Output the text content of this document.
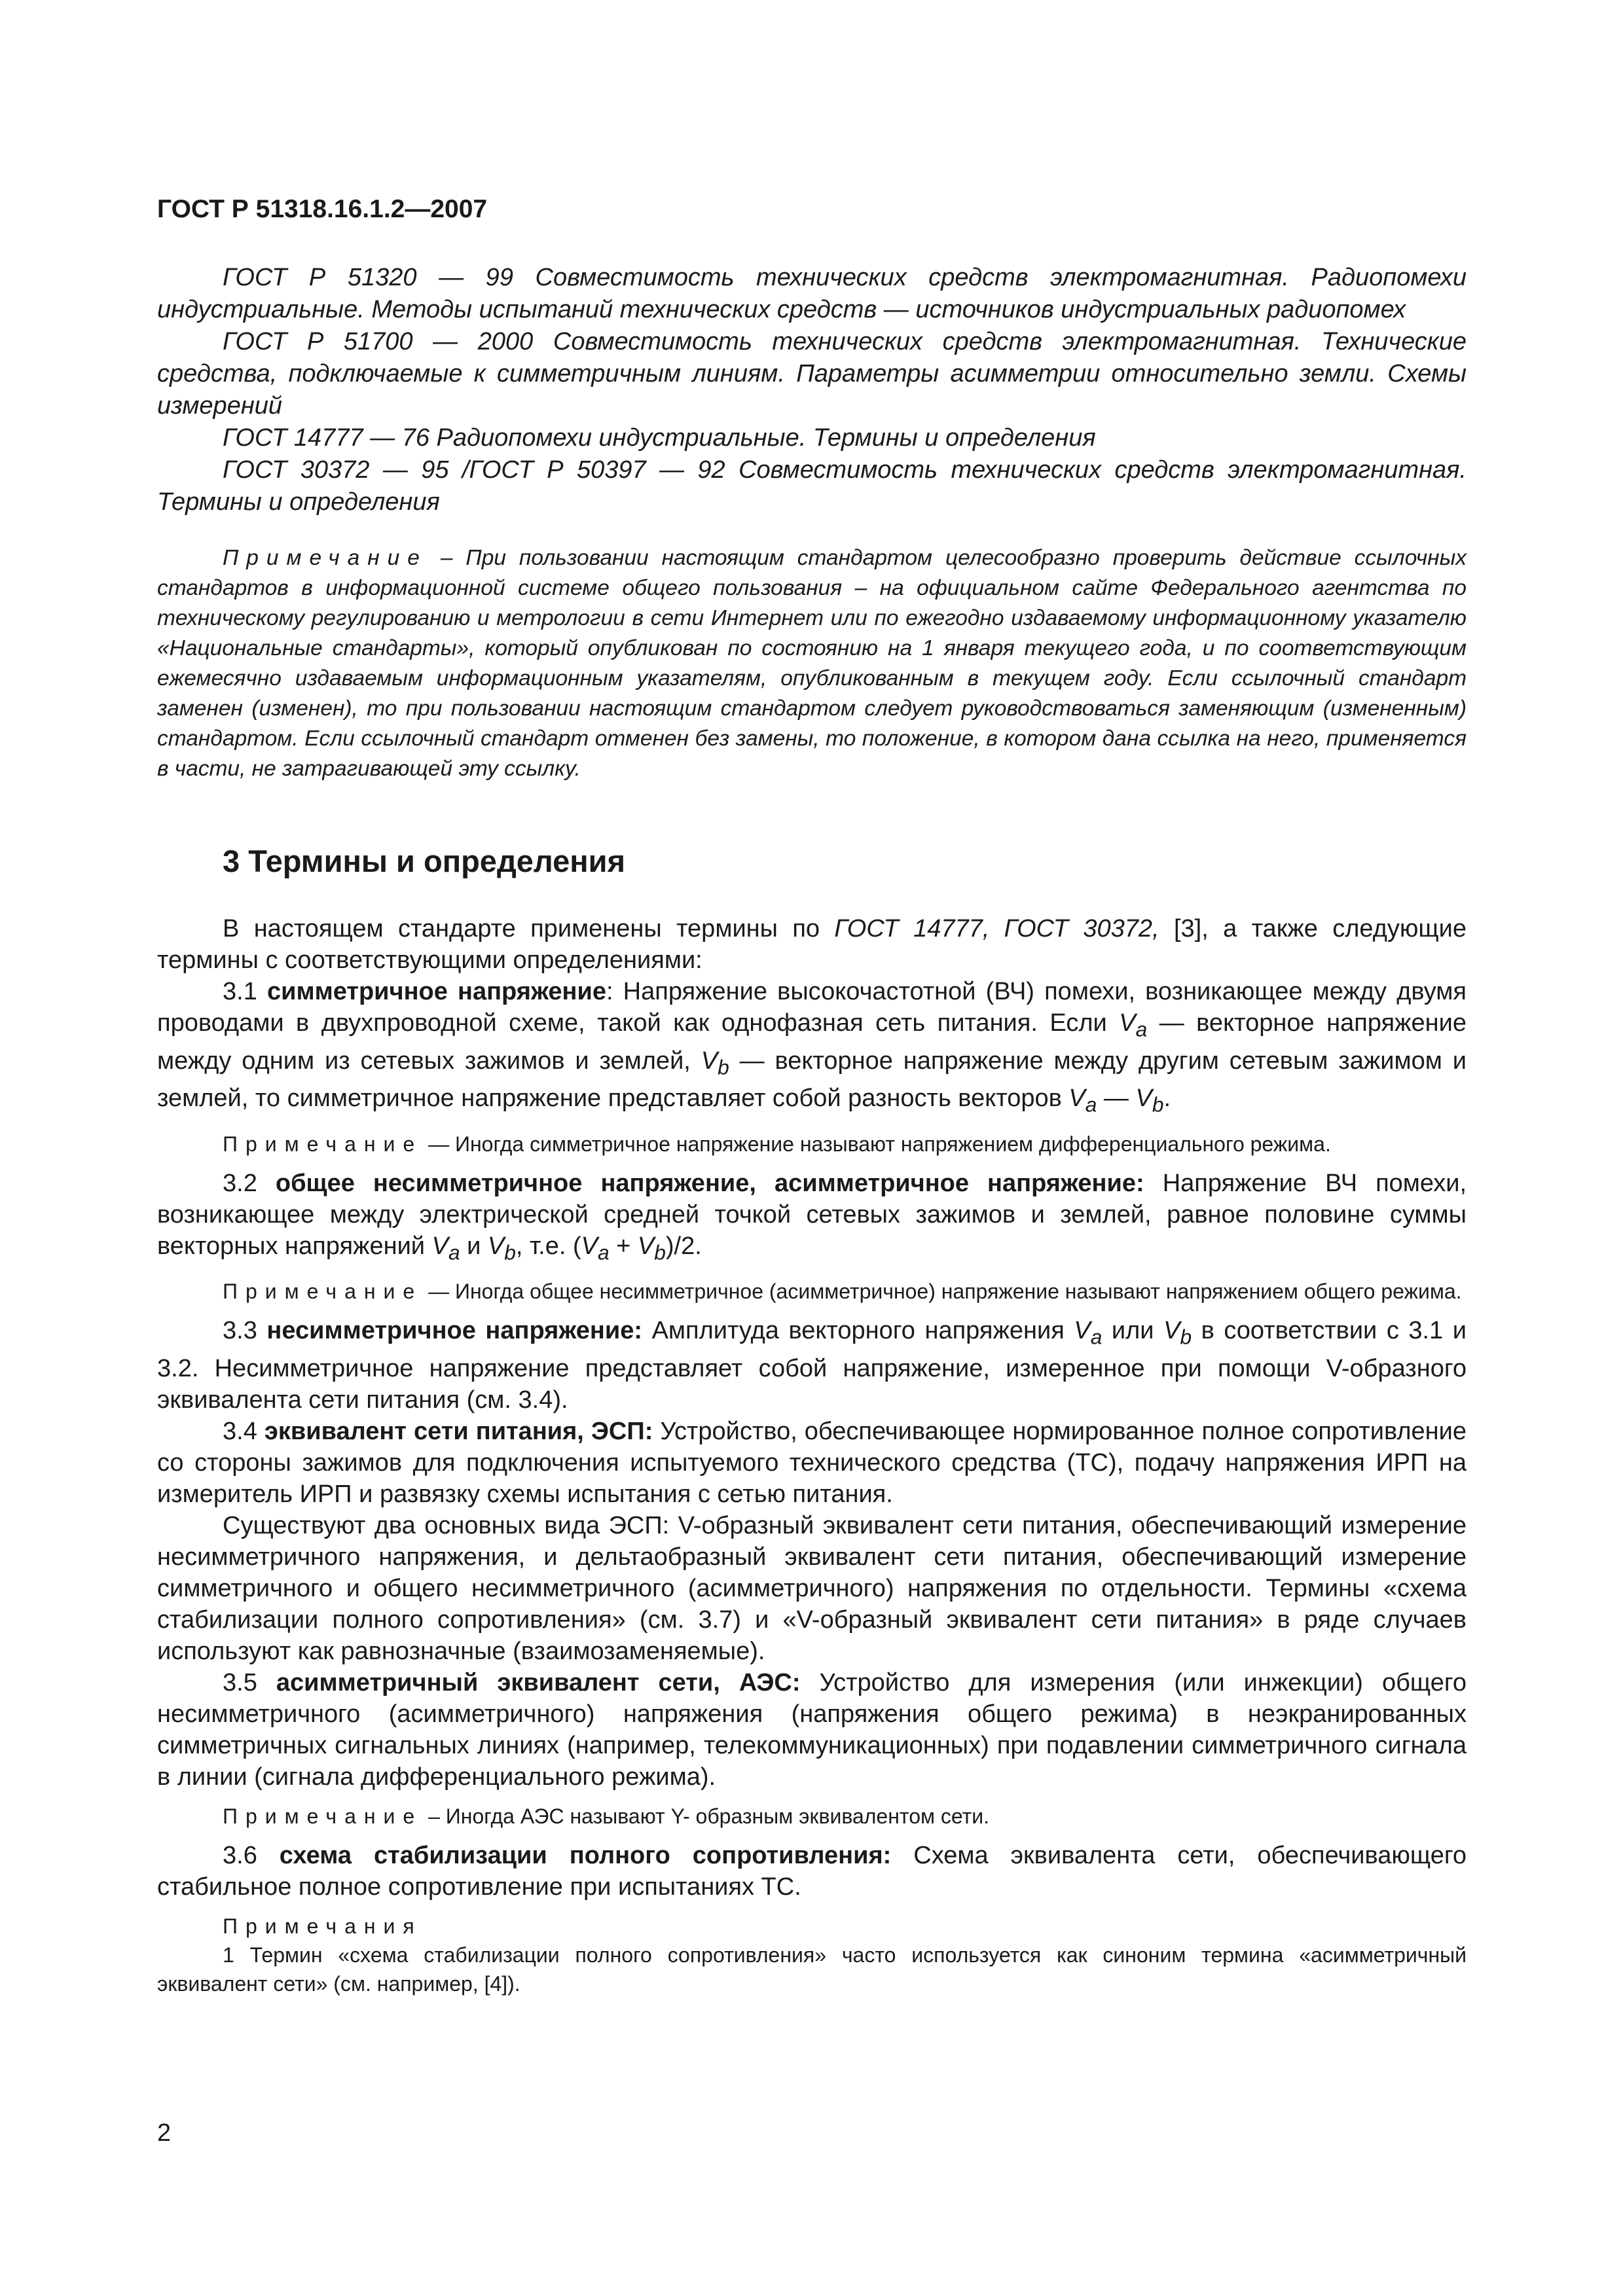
ГОСТ Р 51318.16.1.2—2007

ГОСТ Р 51320 — 99 Совместимость технических средств электромагнитная. Радиопомехи индустриальные. Методы испытаний технических средств — источников индустриальных радиопомех

ГОСТ Р 51700 — 2000 Совместимость технических средств электромагнитная. Технические средства, подключаемые к симметричным линиям. Параметры асимметрии относительно земли. Схемы измерений

ГОСТ 14777 — 76 Радиопомехи индустриальные. Термины и определения

ГОСТ 30372 — 95 /ГОСТ Р 50397 — 92 Совместимость технических средств электромагнитная. Термины и определения

Примечание – При пользовании настоящим стандартом целесообразно проверить действие ссылочных стандартов в информационной системе общего пользования – на официальном сайте Федерального агентства по техническому регулированию и метрологии в сети Интернет или по ежегодно издаваемому информационному указателю «Национальные стандарты», который опубликован по состоянию на 1 января текущего года, и по соответствующим ежемесячно издаваемым информационным указателям, опубликованным в текущем году. Если ссылочный стандарт заменен (изменен), то при пользовании настоящим стандартом следует руководствоваться заменяющим (измененным) стандартом. Если ссылочный стандарт отменен без замены, то положение, в котором дана ссылка на него, применяется в части, не затрагивающей эту ссылку.

3 Термины и определения

В настоящем стандарте применены термины по ГОСТ 14777, ГОСТ 30372, [3], а также следующие термины с соответствующими определениями:

3.1 симметричное напряжение: Напряжение высокочастотной (ВЧ) помехи, возникающее между двумя проводами в двухпроводной схеме, такой как однофазная сеть питания. Если $V_a$ — векторное напряжение между одним из сетевых зажимов и землей, $V_b$ — векторное напряжение между другим сетевым зажимом и землей, то симметричное напряжение представляет собой разность векторов $V_a$ — $V_b$.

Примечание — Иногда симметричное напряжение называют напряжением дифференциального режима.

3.2 общее несимметричное напряжение, асимметричное напряжение: Напряжение ВЧ помехи, возникающее между электрической средней точкой сетевых зажимов и землей, равное половине суммы векторных напряжений $V_a$ и $V_b$, т.е. $(V_a + V_b)/2$.

Примечание — Иногда общее несимметричное (асимметричное) напряжение называют напряжением общего режима.

3.3 несимметричное напряжение: Амплитуда векторного напряжения $V_a$ или $V_b$ в соответствии с 3.1 и 3.2. Несимметричное напряжение представляет собой напряжение, измеренное при помощи V-образного эквивалента сети питания (см. 3.4).

3.4 эквивалент сети питания, ЭСП: Устройство, обеспечивающее нормированное полное сопротивление со стороны зажимов для подключения испытуемого технического средства (ТС), подачу напряжения ИРП на измеритель ИРП и развязку схемы испытания с сетью питания.

Существуют два основных вида ЭСП: V-образный эквивалент сети питания, обеспечивающий измерение несимметричного напряжения, и дельтаобразный эквивалент сети питания, обеспечивающий измерение симметричного и общего несимметричного (асимметричного) напряжения по отдельности. Термины «схема стабилизации полного сопротивления» (см. 3.7) и «V-образный эквивалент сети питания» в ряде случаев используют как равнозначные (взаимозаменяемые).

3.5 асимметричный эквивалент сети, АЭС: Устройство для измерения (или инжекции) общего несимметричного (асимметричного) напряжения (напряжения общего режима) в неэкранированных симметричных сигнальных линиях (например, телекоммуникационных) при подавлении симметричного сигнала в линии (сигнала дифференциального режима).

Примечание – Иногда АЭС называют Y- образным эквивалентом сети.

3.6 схема стабилизации полного сопротивления: Схема эквивалента сети, обеспечивающего стабильное полное сопротивление при испытаниях ТС.

Примечания

1 Термин «схема стабилизации полного сопротивления» часто используется как синоним термина «асимметричный эквивалент сети» (см. например, [4]).

2
